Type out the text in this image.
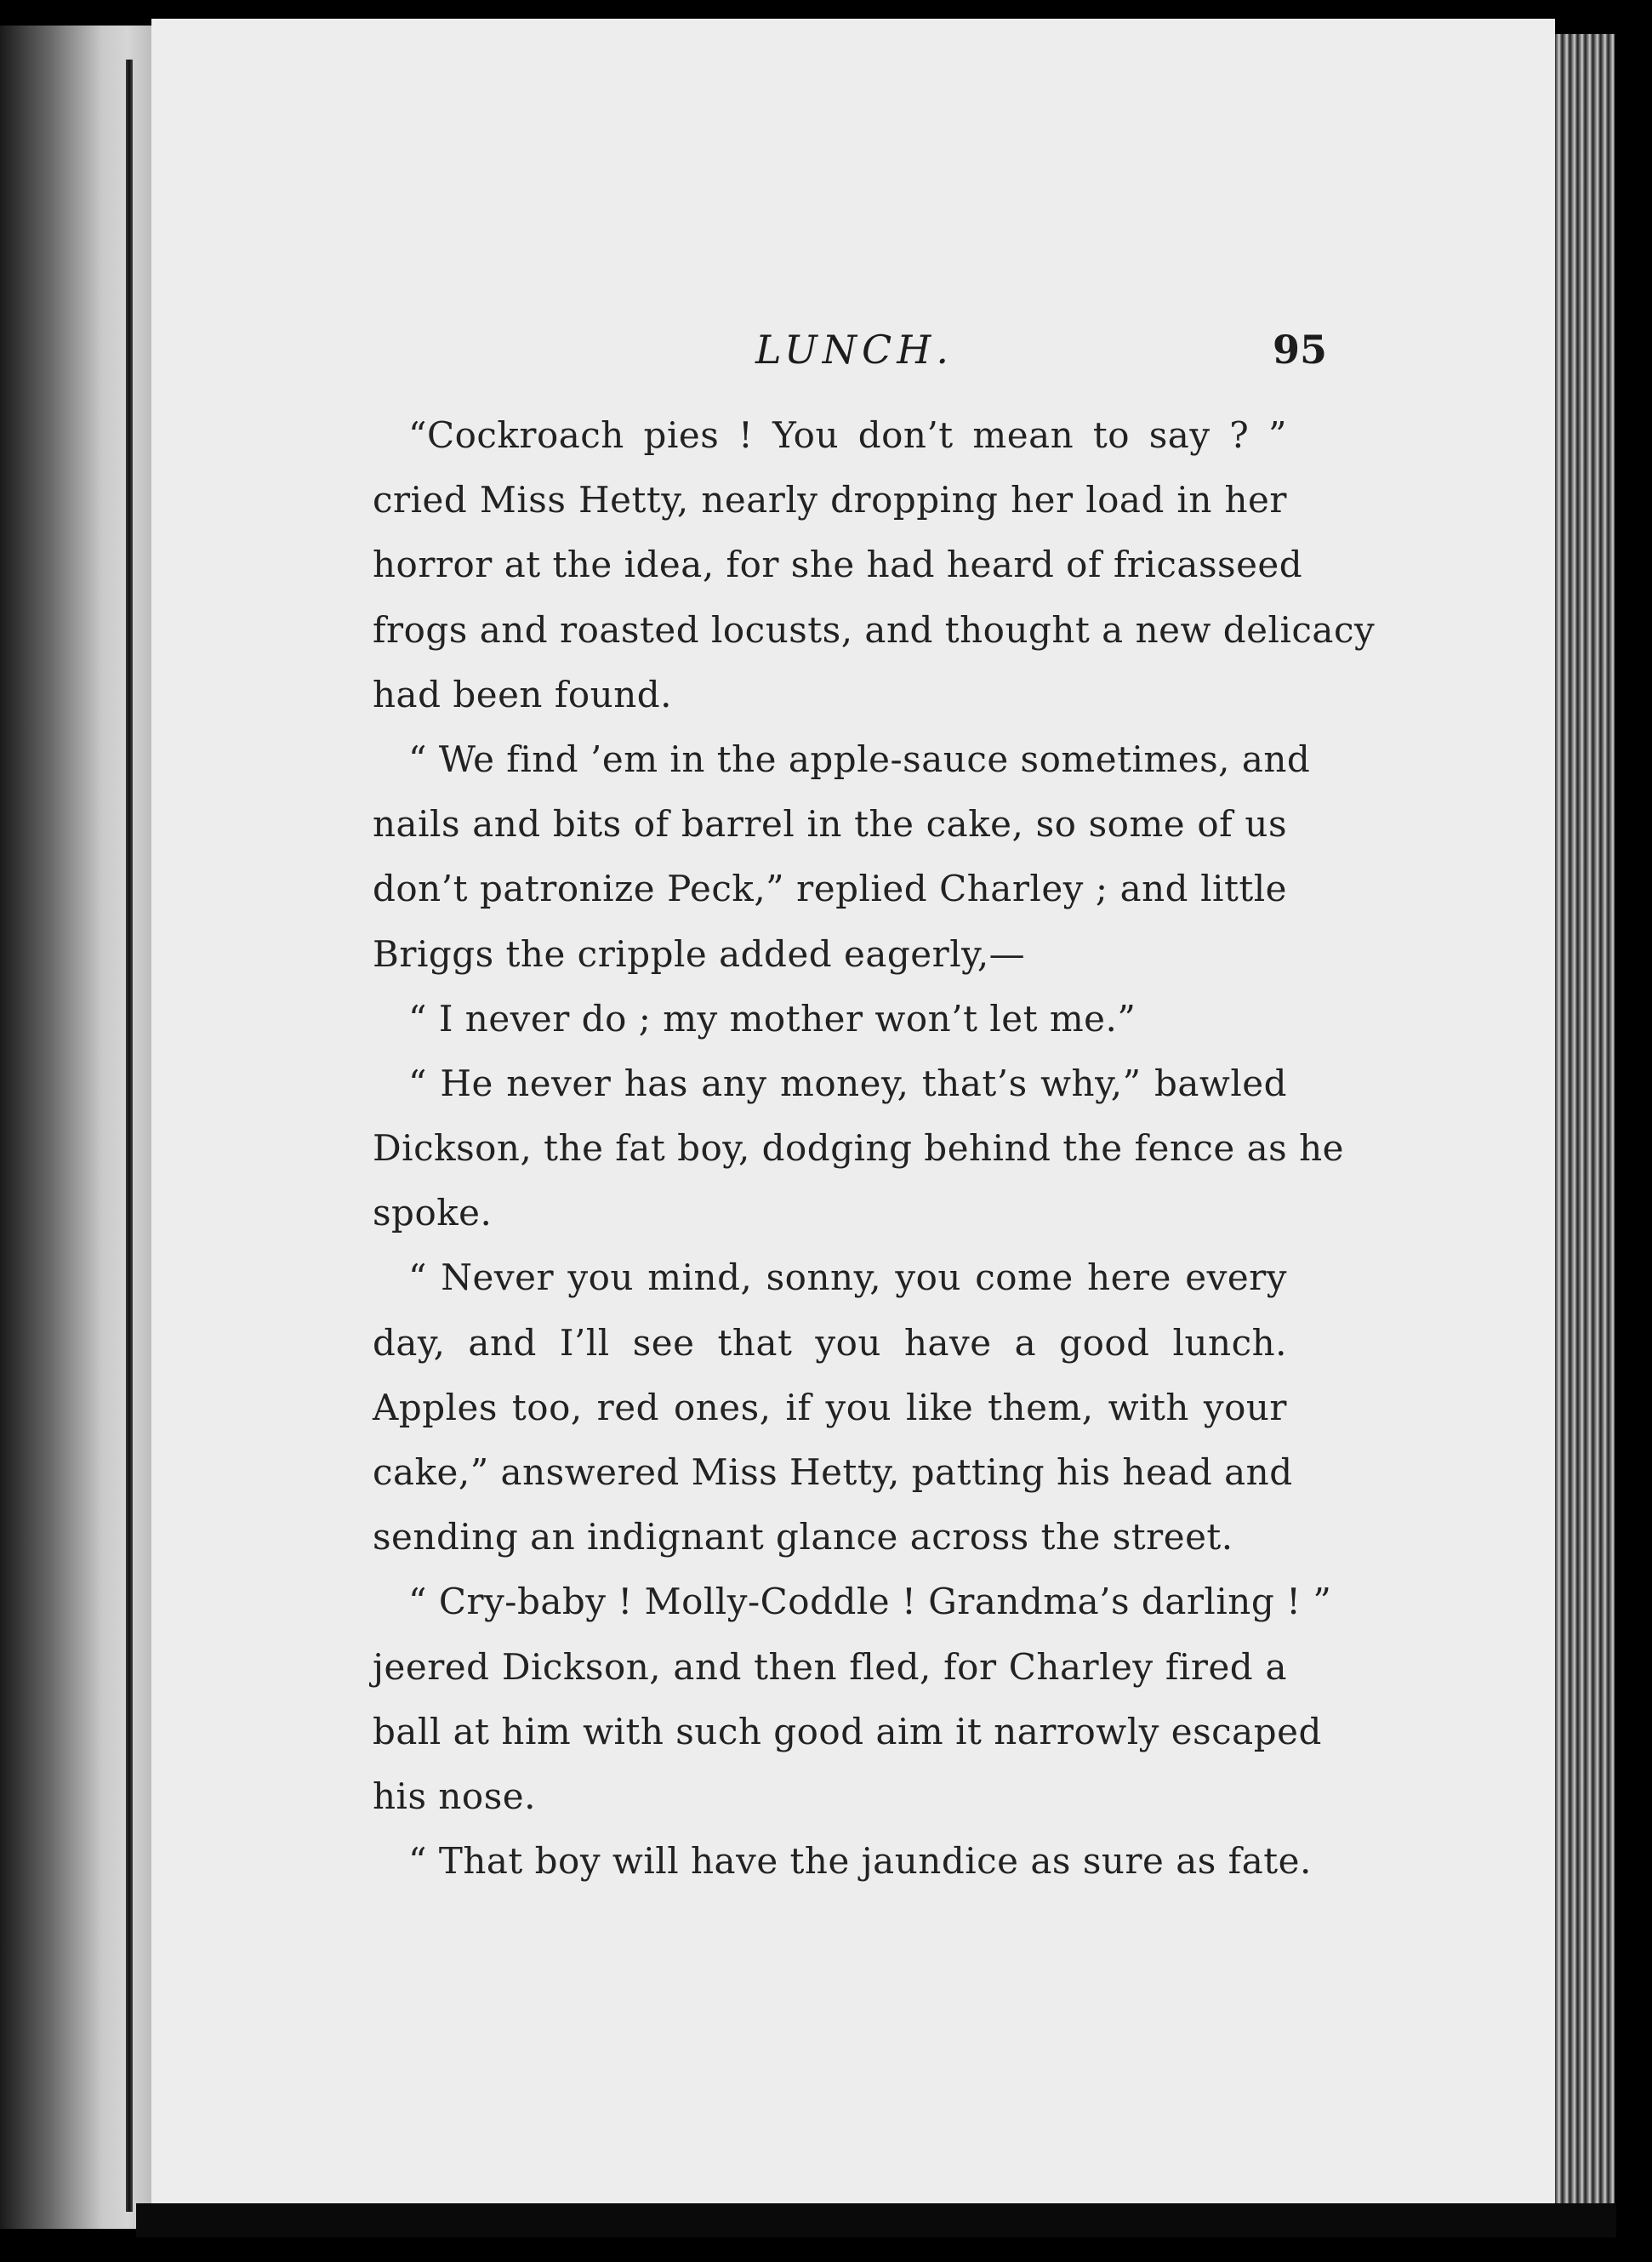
LUNCH.	95
“Cockroach pies ! You don’t mean to say ? ”
cried Miss Hetty, nearly dropping her load in her
horror at the idea, for she had heard of fricasseed
frogs and roasted locusts, and thought a new delicacy
had been found.
“ We find ’em in the apple-sauce sometimes, and
nails and bits of barrel in the cake, so some of us
don’t patronize Peck,” replied Charley ; and little
Briggs the cripple added eagerly,—
“ I never do ; my mother won’t let me.”
“ He never has any money, that’s why,” bawled
Dickson, the fat boy, dodging behind the fence as he
spoke.
“ Never you mind, sonny, you come here every
day, and I’ll see that you have a good lunch.
Apples too, red ones, if you like them, with your
cake,” answered Miss Hetty, patting his head and
sending an indignant glance across the street.
“ Cry-baby ! Molly-Coddle ! Grandma’s darling ! ”
jeered Dickson, and then fled, for Charley fired a
ball at him with such good aim it narrowly escaped
his nose.
“ That boy will have the jaundice as sure as fate.
